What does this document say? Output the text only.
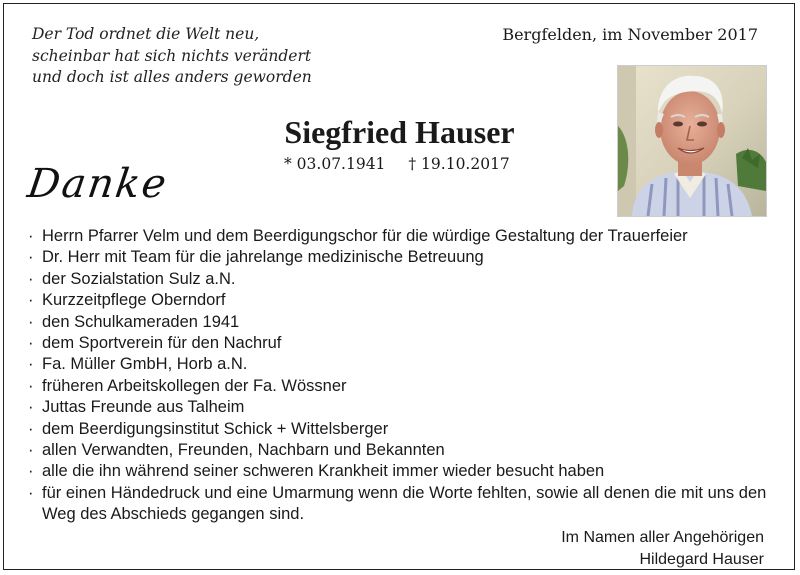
Der Tod ordnet die Welt neu,
scheinbar hat sich nichts verändert
und doch ist alles anders geworden
Bergfelden, im November 2017
Siegfried Hauser
* 03.07.1941 † 19.10.2017
Danke
· Herrn Pfarrer Velm und dem Beerdigungschor für die würdige Gestaltung der Trauerfeier
· Dr. Herr mit Team für die jahrelange medizinische Betreuung
· der Sozialstation Sulz a.N.
· Kurzzeitpflege Oberndorf
· den Schulkameraden 1941
· dem Sportverein für den Nachruf
· Fa. Müller GmbH, Horb a.N.
· früheren Arbeitskollegen der Fa. Wössner
· Juttas Freunde aus Talheim
· dem Beerdigungsinstitut Schick + Wittelsberger
· allen Verwandten, Freunden, Nachbarn und Bekannten
· alle die ihn während seiner schweren Krankheit immer wieder besucht haben
· für einen Händedruck und eine Umarmung wenn die Worte fehlten, sowie all denen die mit uns den Weg des Abschieds gegangen sind.
Im Namen aller Angehörigen
Hildegard Hauser
